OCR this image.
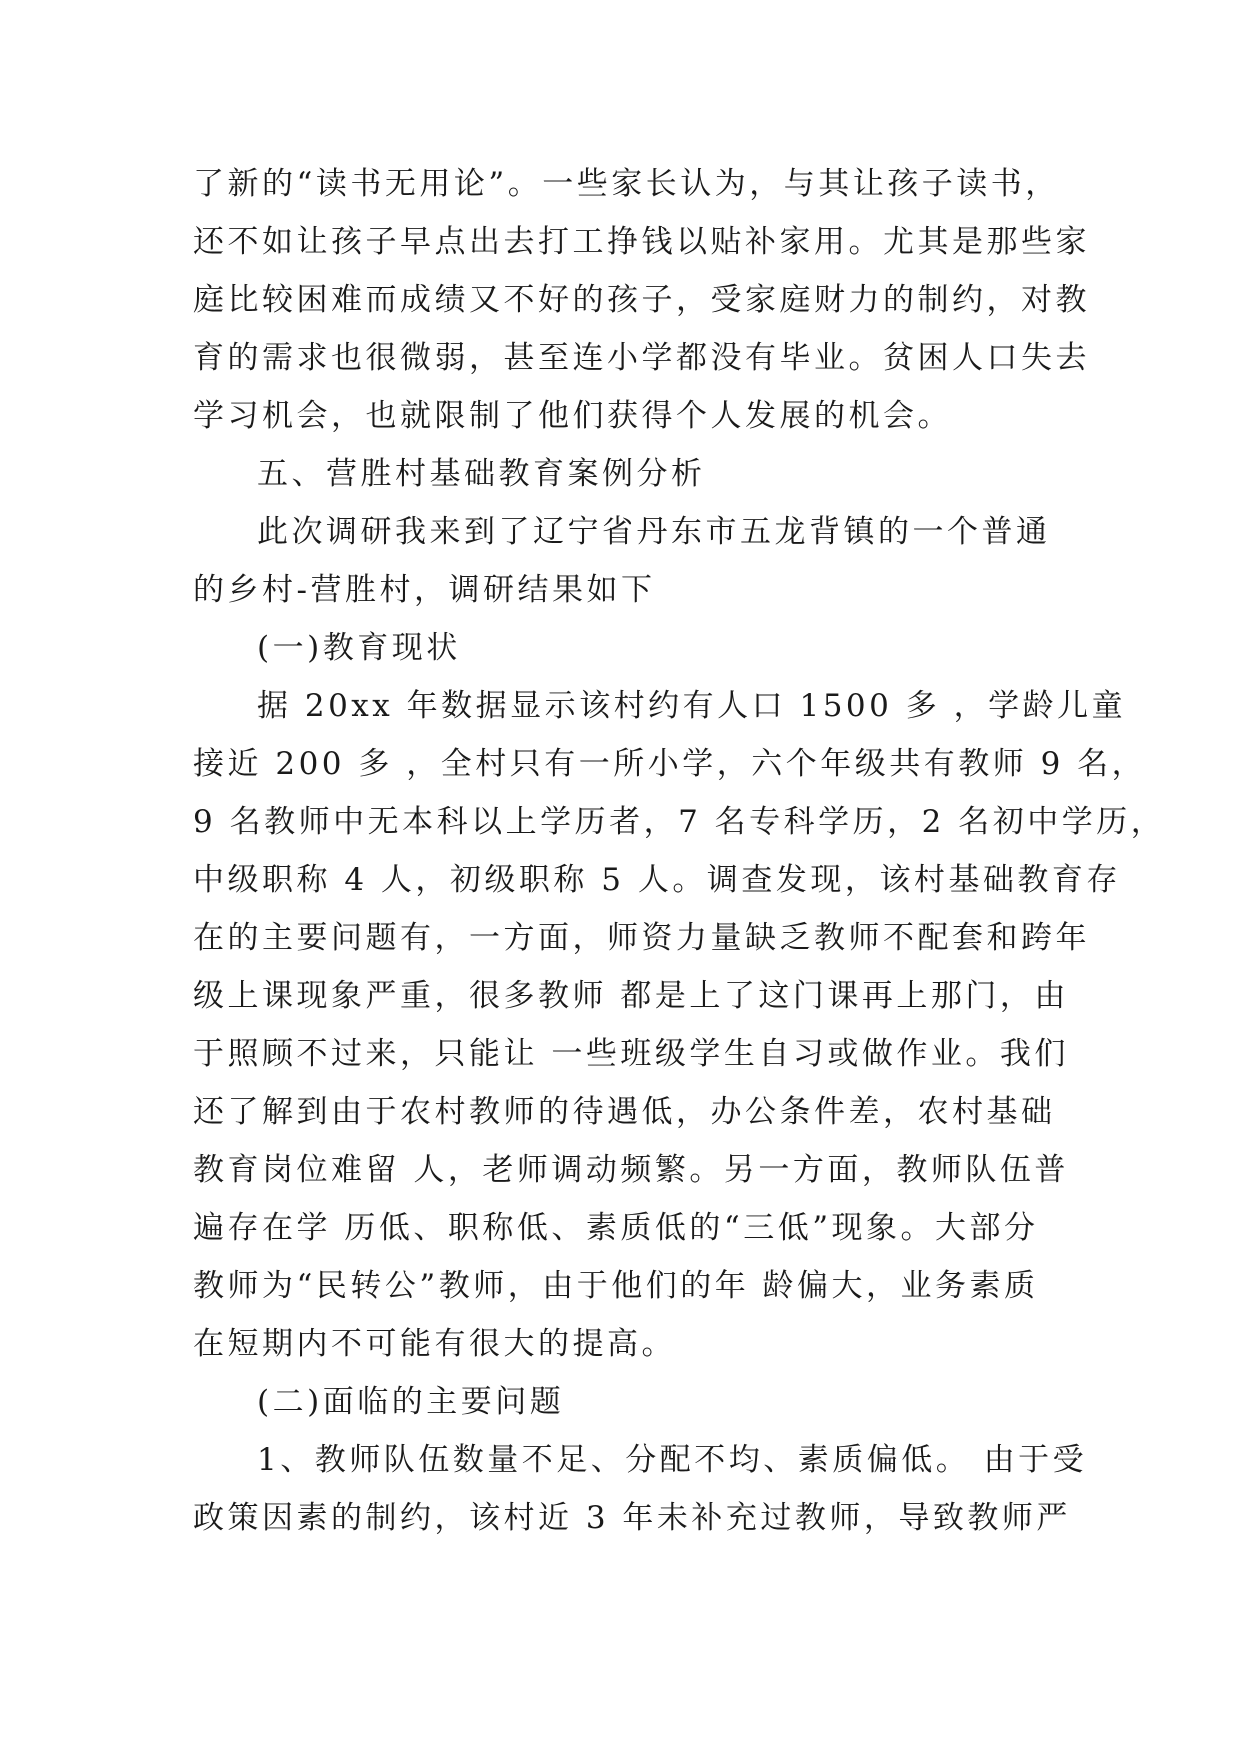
了新的“读书无用论”。一些家长认为，与其让孩子读书，
还不如让孩子早点出去打工挣钱以贴补家用。尤其是那些家
庭比较困难而成绩又不好的孩子，受家庭财力的制约，对教
育的需求也很微弱，甚至连小学都没有毕业。贫困人口失去
学习机会，也就限制了他们获得个人发展的机会。
五、营胜村基础教育案例分析
此次调研我来到了辽宁省丹东市五龙背镇的一个普通
的乡村-营胜村，调研结果如下
(一)教育现状
据 20xx 年数据显示该村约有人口 1500 多 ，学龄儿童
接近 200 多 ，全村只有一所小学，六个年级共有教师 9 名，
9 名教师中无本科以上学历者，7 名专科学历，2 名初中学历，
中级职称 4 人，初级职称 5 人。调查发现，该村基础教育存
在的主要问题有，一方面，师资力量缺乏教师不配套和跨年
级上课现象严重，很多教师 都是上了这门课再上那门，由
于照顾不过来，只能让 一些班级学生自习或做作业。我们
还了解到由于农村教师的待遇低，办公条件差，农村基础
教育岗位难留 人，老师调动频繁。另一方面，教师队伍普
遍存在学 历低、职称低、素质低的“三低”现象。大部分
教师为“民转公”教师，由于他们的年 龄偏大，业务素质
在短期内不可能有很大的提高。
(二)面临的主要问题
1、教师队伍数量不足、分配不均、素质偏低。 由于受
政策因素的制约，该村近 3 年未补充过教师，导致教师严
